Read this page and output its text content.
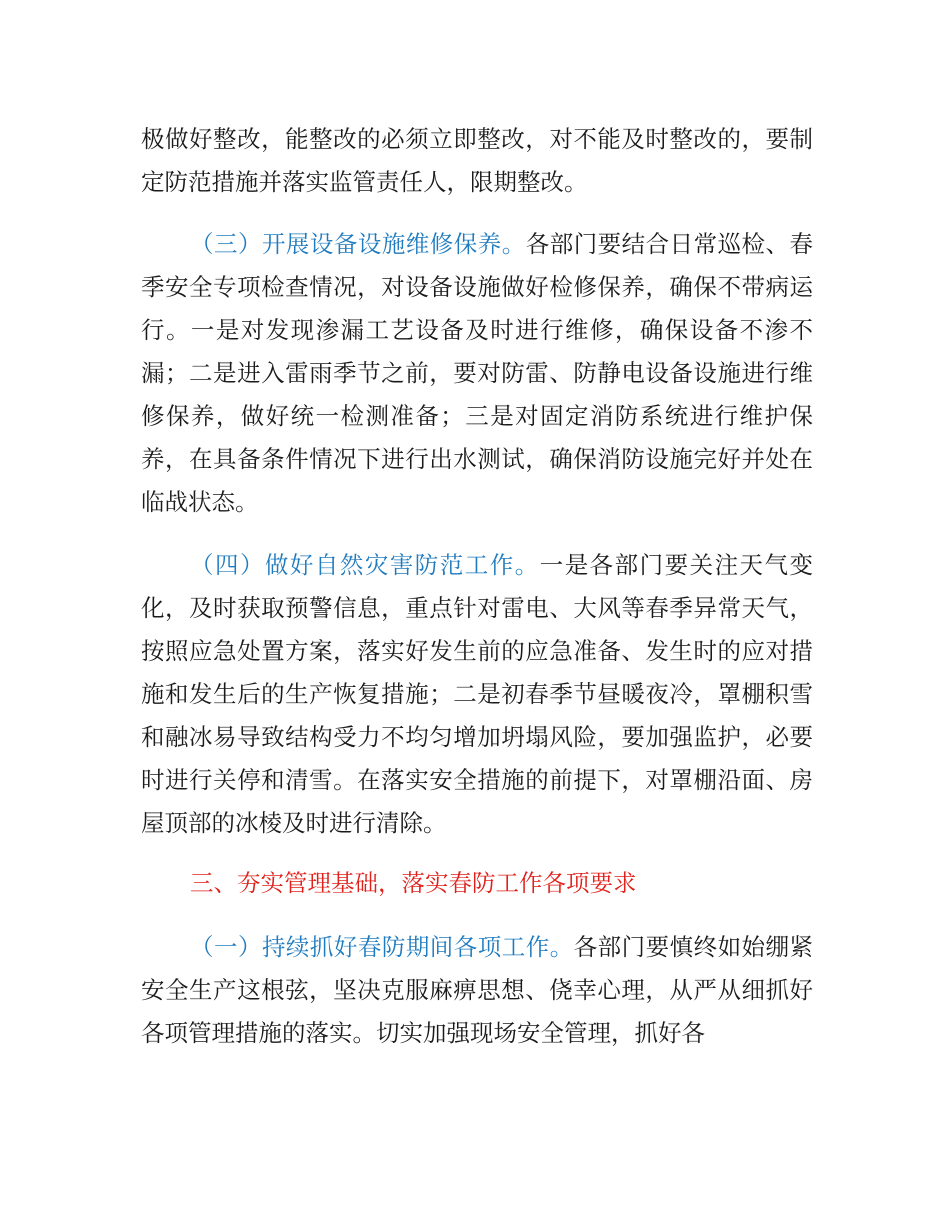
极做好整改，能整改的必须立即整改，对不能及时整改的，要制定防范措施并落实监管责任人，限期整改。

（三）开展设备设施维修保养。各部门要结合日常巡检、春季安全专项检查情况，对设备设施做好检修保养，确保不带病运行。一是对发现渗漏工艺设备及时进行维修，确保设备不渗不漏；二是进入雷雨季节之前，要对防雷、防静电设备设施进行维修保养，做好统一检测准备；三是对固定消防系统进行维护保养，在具备条件情况下进行出水测试，确保消防设施完好并处在临战状态。

（四）做好自然灾害防范工作。一是各部门要关注天气变化，及时获取预警信息，重点针对雷电、大风等春季异常天气，按照应急处置方案，落实好发生前的应急准备、发生时的应对措施和发生后的生产恢复措施；二是初春季节昼暖夜冷，罩棚积雪和融冰易导致结构受力不均匀增加坍塌风险，要加强监护，必要时进行关停和清雪。在落实安全措施的前提下，对罩棚沿面、房屋顶部的冰棱及时进行清除。

三、夯实管理基础，落实春防工作各项要求

（一）持续抓好春防期间各项工作。各部门要慎终如始绷紧安全生产这根弦，坚决克服麻痹思想、侥幸心理，从严从细抓好各项管理措施的落实。切实加强现场安全管理，抓好各
